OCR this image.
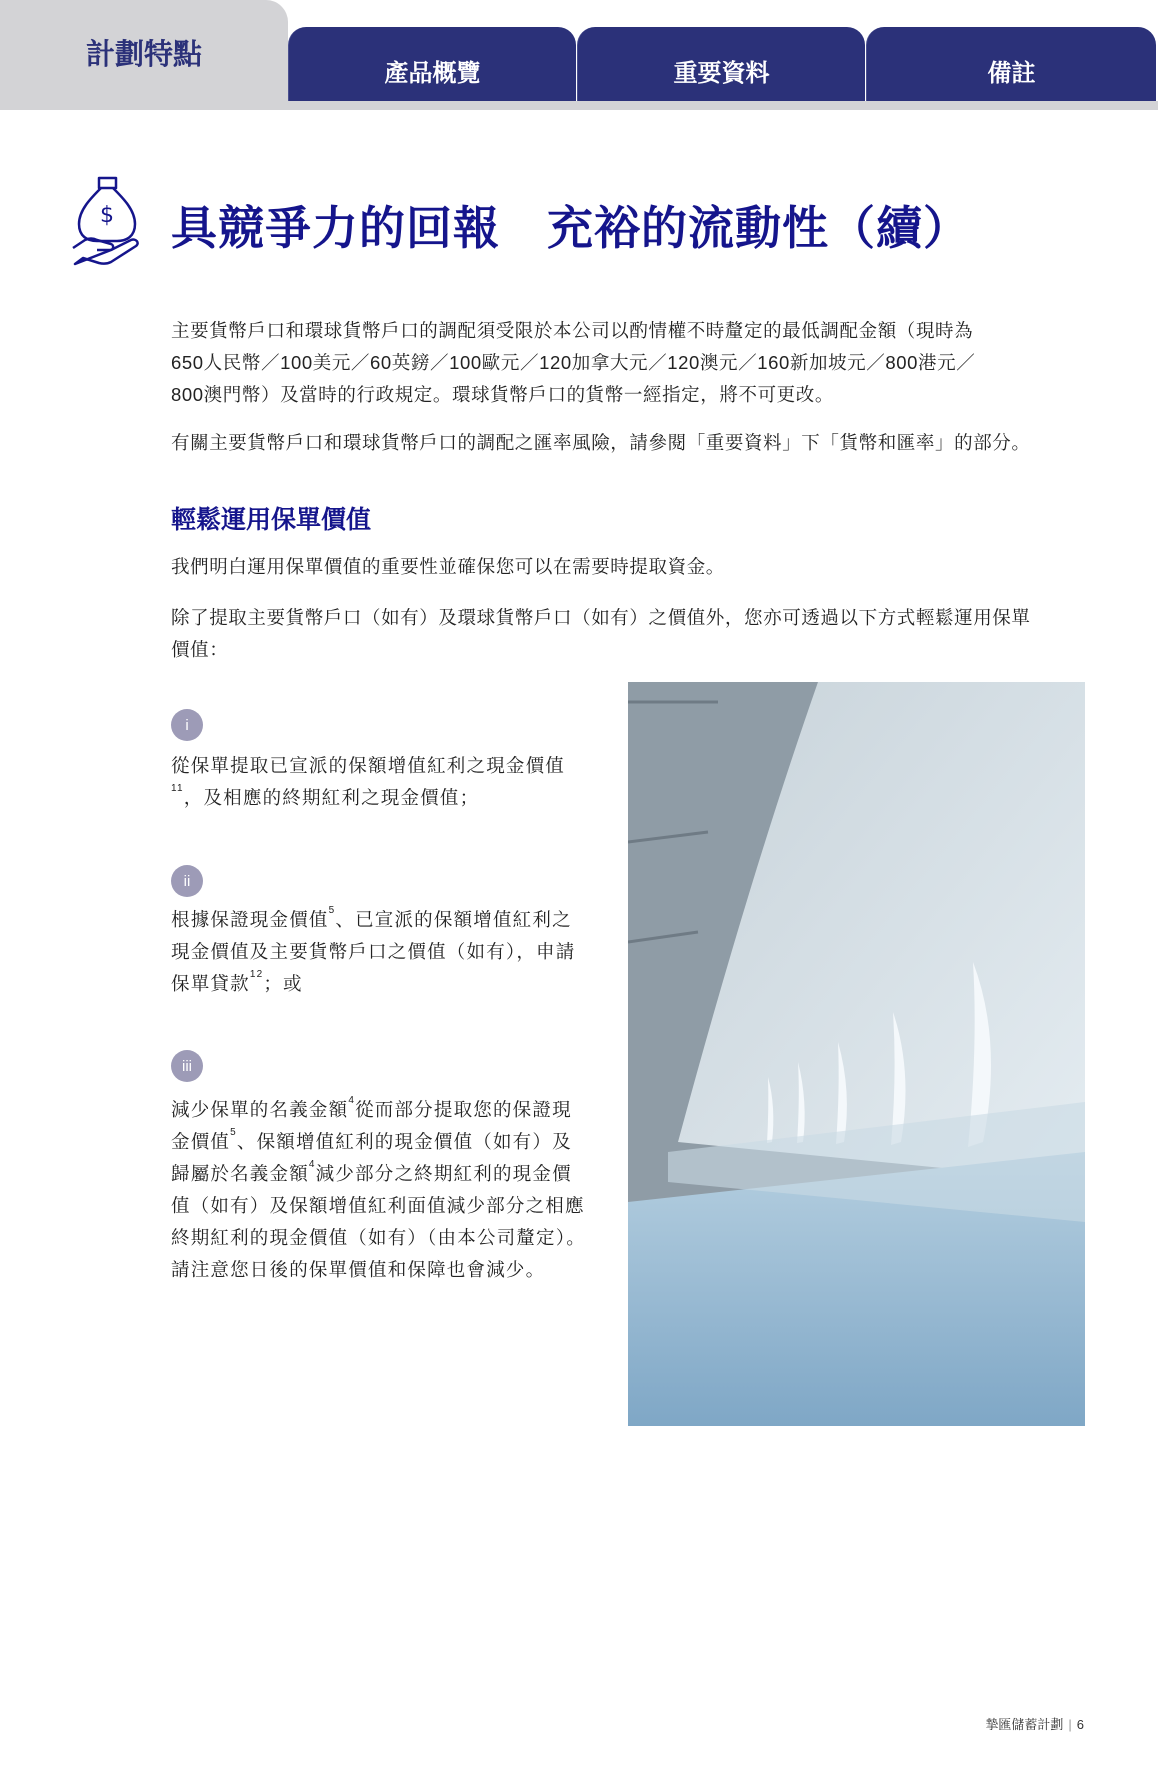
計劃特點
產品概覽	重要資料	備註
$ 具競爭力的回報　充裕的流動性（續）
主要貨幣戶口和環球貨幣戶口的調配須受限於本公司以酌情權不時釐定的最低調配金額（現時為
650人民幣／100美元／60英鎊／100歐元／120加拿大元／120澳元／160新加坡元／800港元／
800澳門幣）及當時的行政規定。環球貨幣戶口的貨幣一經指定，將不可更改。
有關主要貨幣戶口和環球貨幣戶口的調配之匯率風險，請參閱「重要資料」下「貨幣和匯率」的部分。
輕鬆運用保單價值
我們明白運用保單價值的重要性並確保您可以在需要時提取資金。
除了提取主要貨幣戶口（如有）及環球貨幣戶口（如有）之價值外，您亦可透過以下方式輕鬆運用保單
價值：
i
從保單提取已宣派的保額增值紅利之現金價值$^{11}$，及相應的終期紅利之現金價值；
ii
根據保證現金價值$^5$、已宣派的保額增值紅利之現金價值及主要貨幣戶口之價值（如有），申請保單貸款$^{12}$；或
iii
減少保單的名義金額$^4$從而部分提取您的保證現金價值$^5$、保額增值紅利的現金價值（如有）及歸屬於名義金額$^4$減少部分之終期紅利的現金價值（如有）及保額增值紅利面值減少部分之相應終期紅利的現金價值（如有）（由本公司釐定）。請注意您日後的保單價值和保障也會減少。
摯匯儲蓄計劃 | 6
